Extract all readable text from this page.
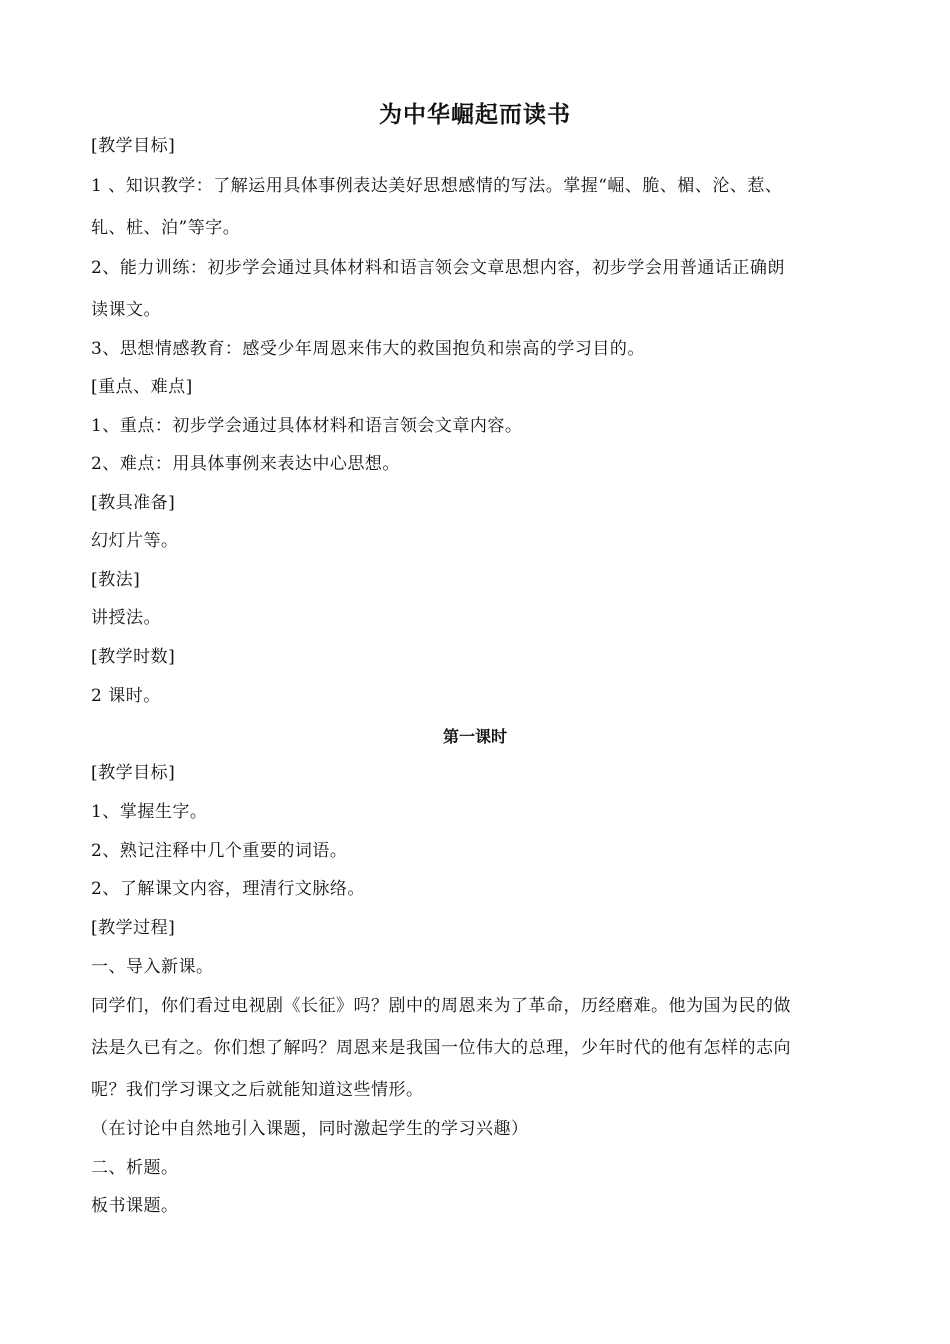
为中华崛起而读书
[教学目标]
1 、知识教学：了解运用具体事例表达美好思想感情的写法。掌握“崛、脆、楣、沦、惹、
轧、桩、泊”等字。
2、能力训练：初步学会通过具体材料和语言领会文章思想内容，初步学会用普通话正确朗
读课文。
3、思想情感教育：感受少年周恩来伟大的救国抱负和崇高的学习目的。
[重点、难点]
1、重点：初步学会通过具体材料和语言领会文章内容。
2、难点：用具体事例来表达中心思想。
[教具准备]
幻灯片等。
[教法]
讲授法。
[教学时数]
2 课时。
第一课时
[教学目标]
1、掌握生字。
2、熟记注释中几个重要的词语。
2、了解课文内容，理清行文脉络。
[教学过程]
一、导入新课。
同学们，你们看过电视剧《长征》吗？剧中的周恩来为了革命，历经磨难。他为国为民的做
法是久已有之。你们想了解吗？周恩来是我国一位伟大的总理，少年时代的他有怎样的志向
呢？我们学习课文之后就能知道这些情形。
（在讨论中自然地引入课题，同时激起学生的学习兴趣）
二、析题。
板书课题。
